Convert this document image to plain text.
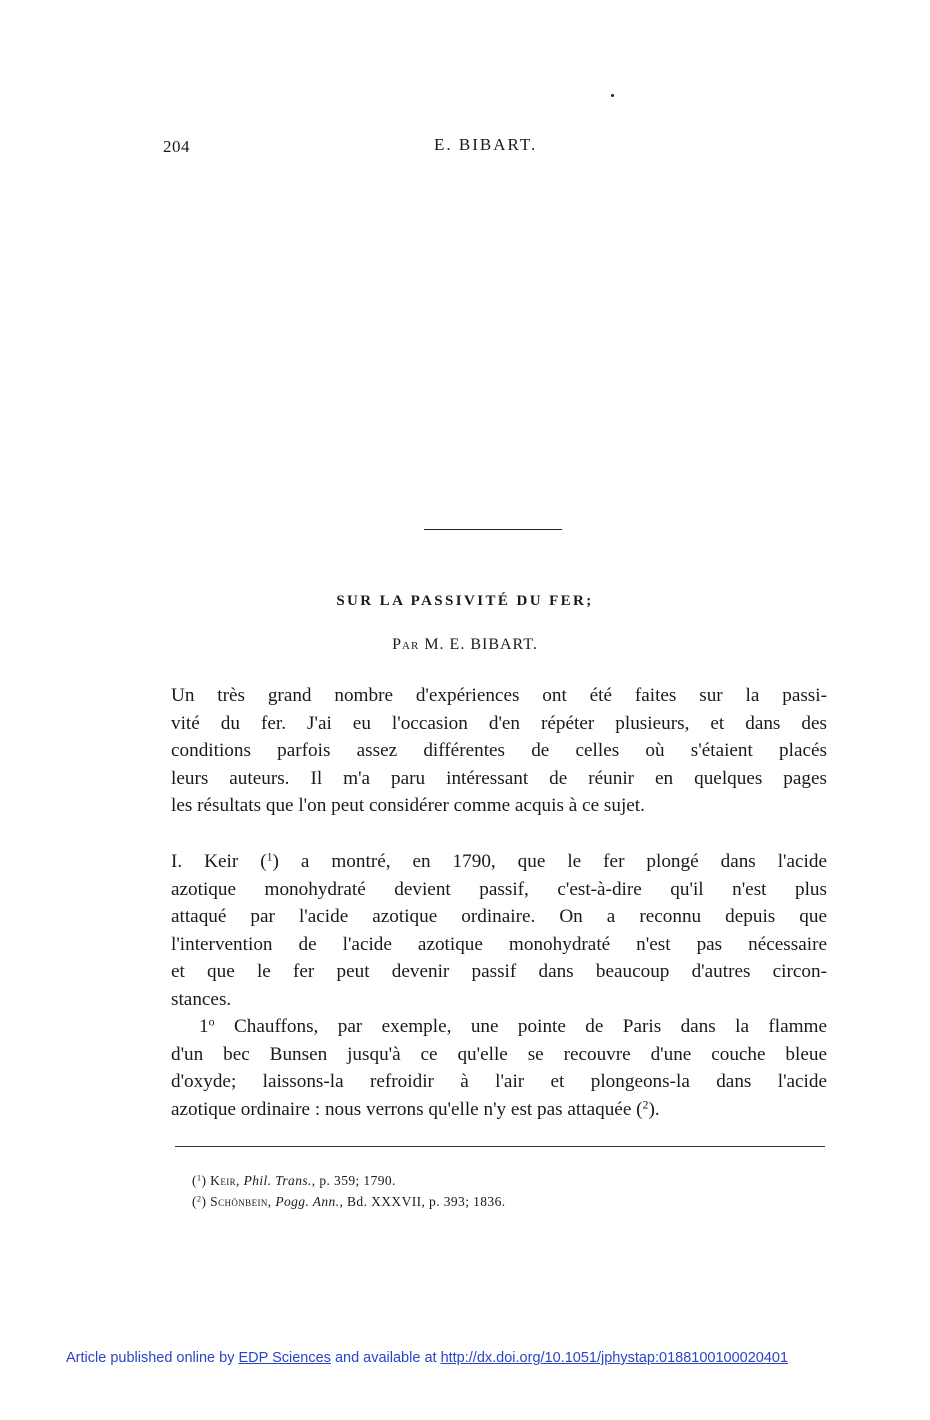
204	E. BIBART.
SUR LA PASSIVITÉ DU FER;
Par M. E. BIBART.
Un très grand nombre d'expériences ont été faites sur la passi-
vité du fer. J'ai eu l'occasion d'en répéter plusieurs, et dans des
conditions parfois assez différentes de celles où s'étaient placés
leurs auteurs. Il m'a paru intéressant de réunir en quelques pages
les résultats que l'on peut considérer comme acquis à ce sujet.
I. Keir ($^1$) a montré, en 1790, que le fer plongé dans l'acide
azotique monohydraté devient passif, c'est-à-dire qu'il n'est plus
attaqué par l'acide azotique ordinaire. On a reconnu depuis que
l'intervention de l'acide azotique monohydraté n'est pas nécessaire
et que le fer peut devenir passif dans beaucoup d'autres circon-
stances.
1$^o$ Chauffons, par exemple, une pointe de Paris dans la flamme
d'un bec Bunsen jusqu'à ce qu'elle se recouvre d'une couche bleue
d'oxyde; laissons-la refroidir à l'air et plongeons-la dans l'acide
azotique ordinaire : nous verrons qu'elle n'y est pas attaquée ($^2$).
($^1$) Keir, Phil. Trans., p. 359; 1790.
($^2$) Schönbein, Pogg. Ann., Bd. XXXVII, p. 393; 1836.
Article published online by EDP Sciences and available at http://dx.doi.org/10.1051/jphystap:0188100100020401
